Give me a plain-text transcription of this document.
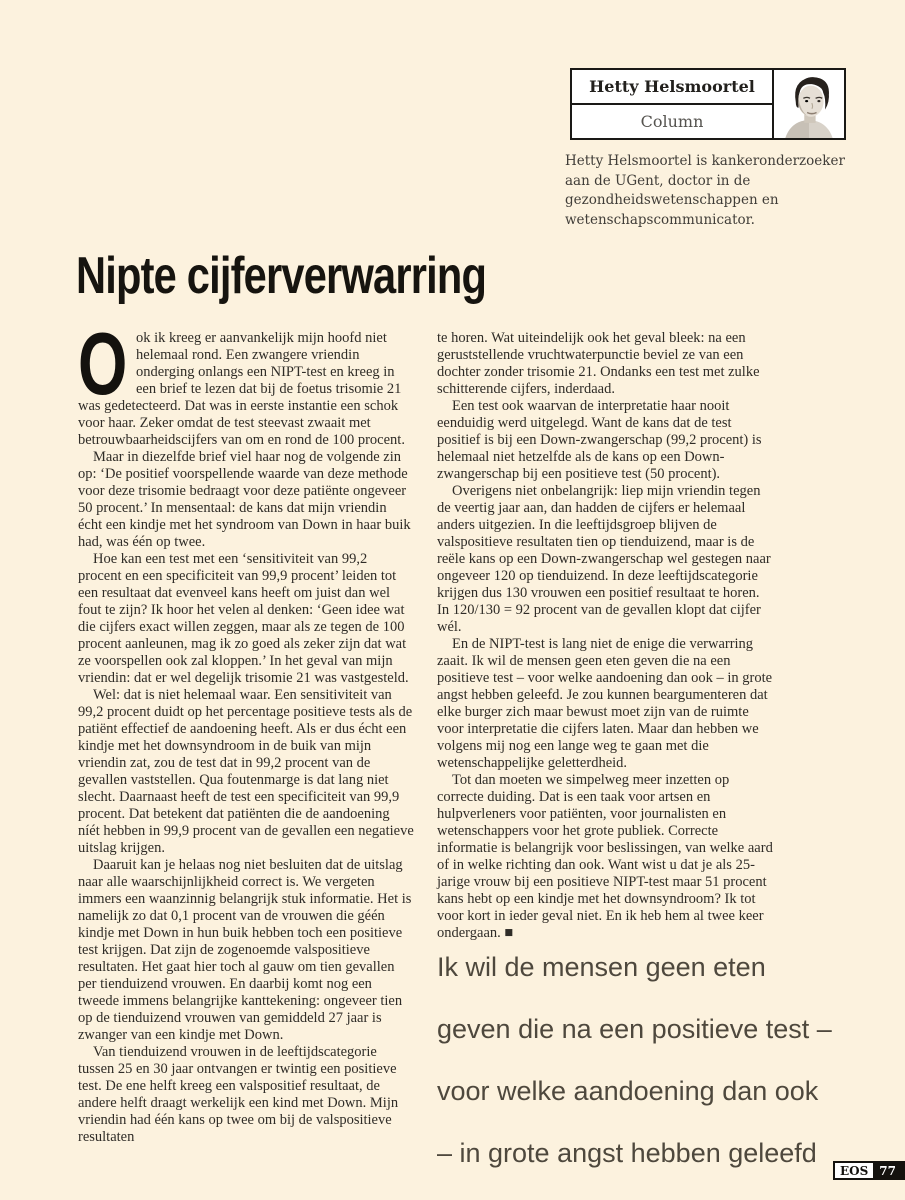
Hetty Helsmoortel
Column
Hetty Helsmoortel is kankeronderzoeker aan de UGent, doctor in de gezondheidswetenschappen en wetenschapscommunicator.
Nipte cijferverwarring

Ook ik kreeg er aanvankelijk mijn hoofd niet helemaal rond. Een zwangere vriendin onderging onlangs een NIPT-test en kreeg in een brief te lezen dat bij de foetus trisomie 21 was gedetecteerd. Dat was in eerste instantie een schok voor haar. Zeker omdat de test steevast zwaait met betrouwbaarheidscijfers van om en rond de 100 procent.

Maar in diezelfde brief viel haar nog de volgende zin op: ‘De positief voorspellende waarde van deze methode voor deze trisomie bedraagt voor deze patiënte ongeveer 50 procent.’ In mensentaal: de kans dat mijn vriendin écht een kindje met het syndroom van Down in haar buik had, was één op twee.

Hoe kan een test met een ‘sensitiviteit van 99,2 procent en een specificiteit van 99,9 procent’ leiden tot een resultaat dat evenveel kans heeft om juist dan wel fout te zijn? Ik hoor het velen al denken: ‘Geen idee wat die cijfers exact willen zeggen, maar als ze tegen de 100 procent aanleunen, mag ik zo goed als zeker zijn dat wat ze voorspellen ook zal kloppen.’ In het geval van mijn vriendin: dat er wel degelijk trisomie 21 was vastgesteld.

Wel: dat is niet helemaal waar. Een sensitiviteit van 99,2 procent duidt op het percentage positieve tests als de patiënt effectief de aandoening heeft. Als er dus écht een kindje met het downsyndroom in de buik van mijn vriendin zat, zou de test dat in 99,2 procent van de gevallen vaststellen. Qua foutenmarge is dat lang niet slecht. Daarnaast heeft de test een specificiteit van 99,9 procent. Dat betekent dat patiënten die de aandoening níét hebben in 99,9 procent van de gevallen een negatieve uitslag krijgen.

Daaruit kan je helaas nog niet besluiten dat de uitslag naar alle waarschijnlijkheid correct is. We vergeten immers een waanzinnig belangrijk stuk informatie. Het is namelijk zo dat 0,1 procent van de vrouwen die géén kindje met Down in hun buik hebben toch een positieve test krijgen. Dat zijn de zogenoemde valspositieve resultaten. Het gaat hier toch al gauw om tien gevallen per tienduizend vrouwen. En daarbij komt nog een tweede immens belangrijke kanttekening: ongeveer tien op de tienduizend vrouwen van gemiddeld 27 jaar is zwanger van een kindje met Down.

Van tienduizend vrouwen in de leeftijdscategorie tussen 25 en 30 jaar ontvangen er twintig een positieve test. De ene helft kreeg een valspositief resultaat, de andere helft draagt werkelijk een kind met Down. Mijn vriendin had één kans op twee om bij de valspositieve resultaten

te horen. Wat uiteindelijk ook het geval bleek: na een geruststellende vruchtwaterpunctie beviel ze van een dochter zonder trisomie 21. Ondanks een test met zulke schitterende cijfers, inderdaad.

Een test ook waarvan de interpretatie haar nooit eenduidig werd uitgelegd. Want de kans dat de test positief is bij een Down-zwangerschap (99,2 procent) is helemaal niet hetzelfde als de kans op een Down-zwangerschap bij een positieve test (50 procent).

Overigens niet onbelangrijk: liep mijn vriendin tegen de veertig jaar aan, dan hadden de cijfers er helemaal anders uitgezien. In die leeftijdsgroep blijven de valspositieve resultaten tien op tienduizend, maar is de reële kans op een Down-zwangerschap wel gestegen naar ongeveer 120 op tienduizend. In deze leeftijdscategorie krijgen dus 130 vrouwen een positief resultaat te horen. In 120/130 = 92 procent van de gevallen klopt dat cijfer wél.

En de NIPT-test is lang niet de enige die verwarring zaait. Ik wil de mensen geen eten geven die na een positieve test – voor welke aandoening dan ook – in grote angst hebben geleefd. Je zou kunnen beargumenteren dat elke burger zich maar bewust moet zijn van de ruimte voor interpretatie die cijfers laten. Maar dan hebben we volgens mij nog een lange weg te gaan met die wetenschappelijke geletterdheid.

Tot dan moeten we simpelweg meer inzetten op correcte duiding. Dat is een taak voor artsen en hulpverleners voor patiënten, voor journalisten en wetenschappers voor het grote publiek. Correcte informatie is belangrijk voor beslissingen, van welke aard of in welke richting dan ook. Want wist u dat je als 25-jarige vrouw bij een positieve NIPT-test maar 51 procent kans hebt op een kindje met het downsyndroom? Ik tot voor kort in ieder geval niet. En ik heb hem al twee keer ondergaan. ■

Ik wil de mensen geen eten geven die na een positieve test – voor welke aandoening dan ook – in grote angst hebben geleefd
EOS 77
